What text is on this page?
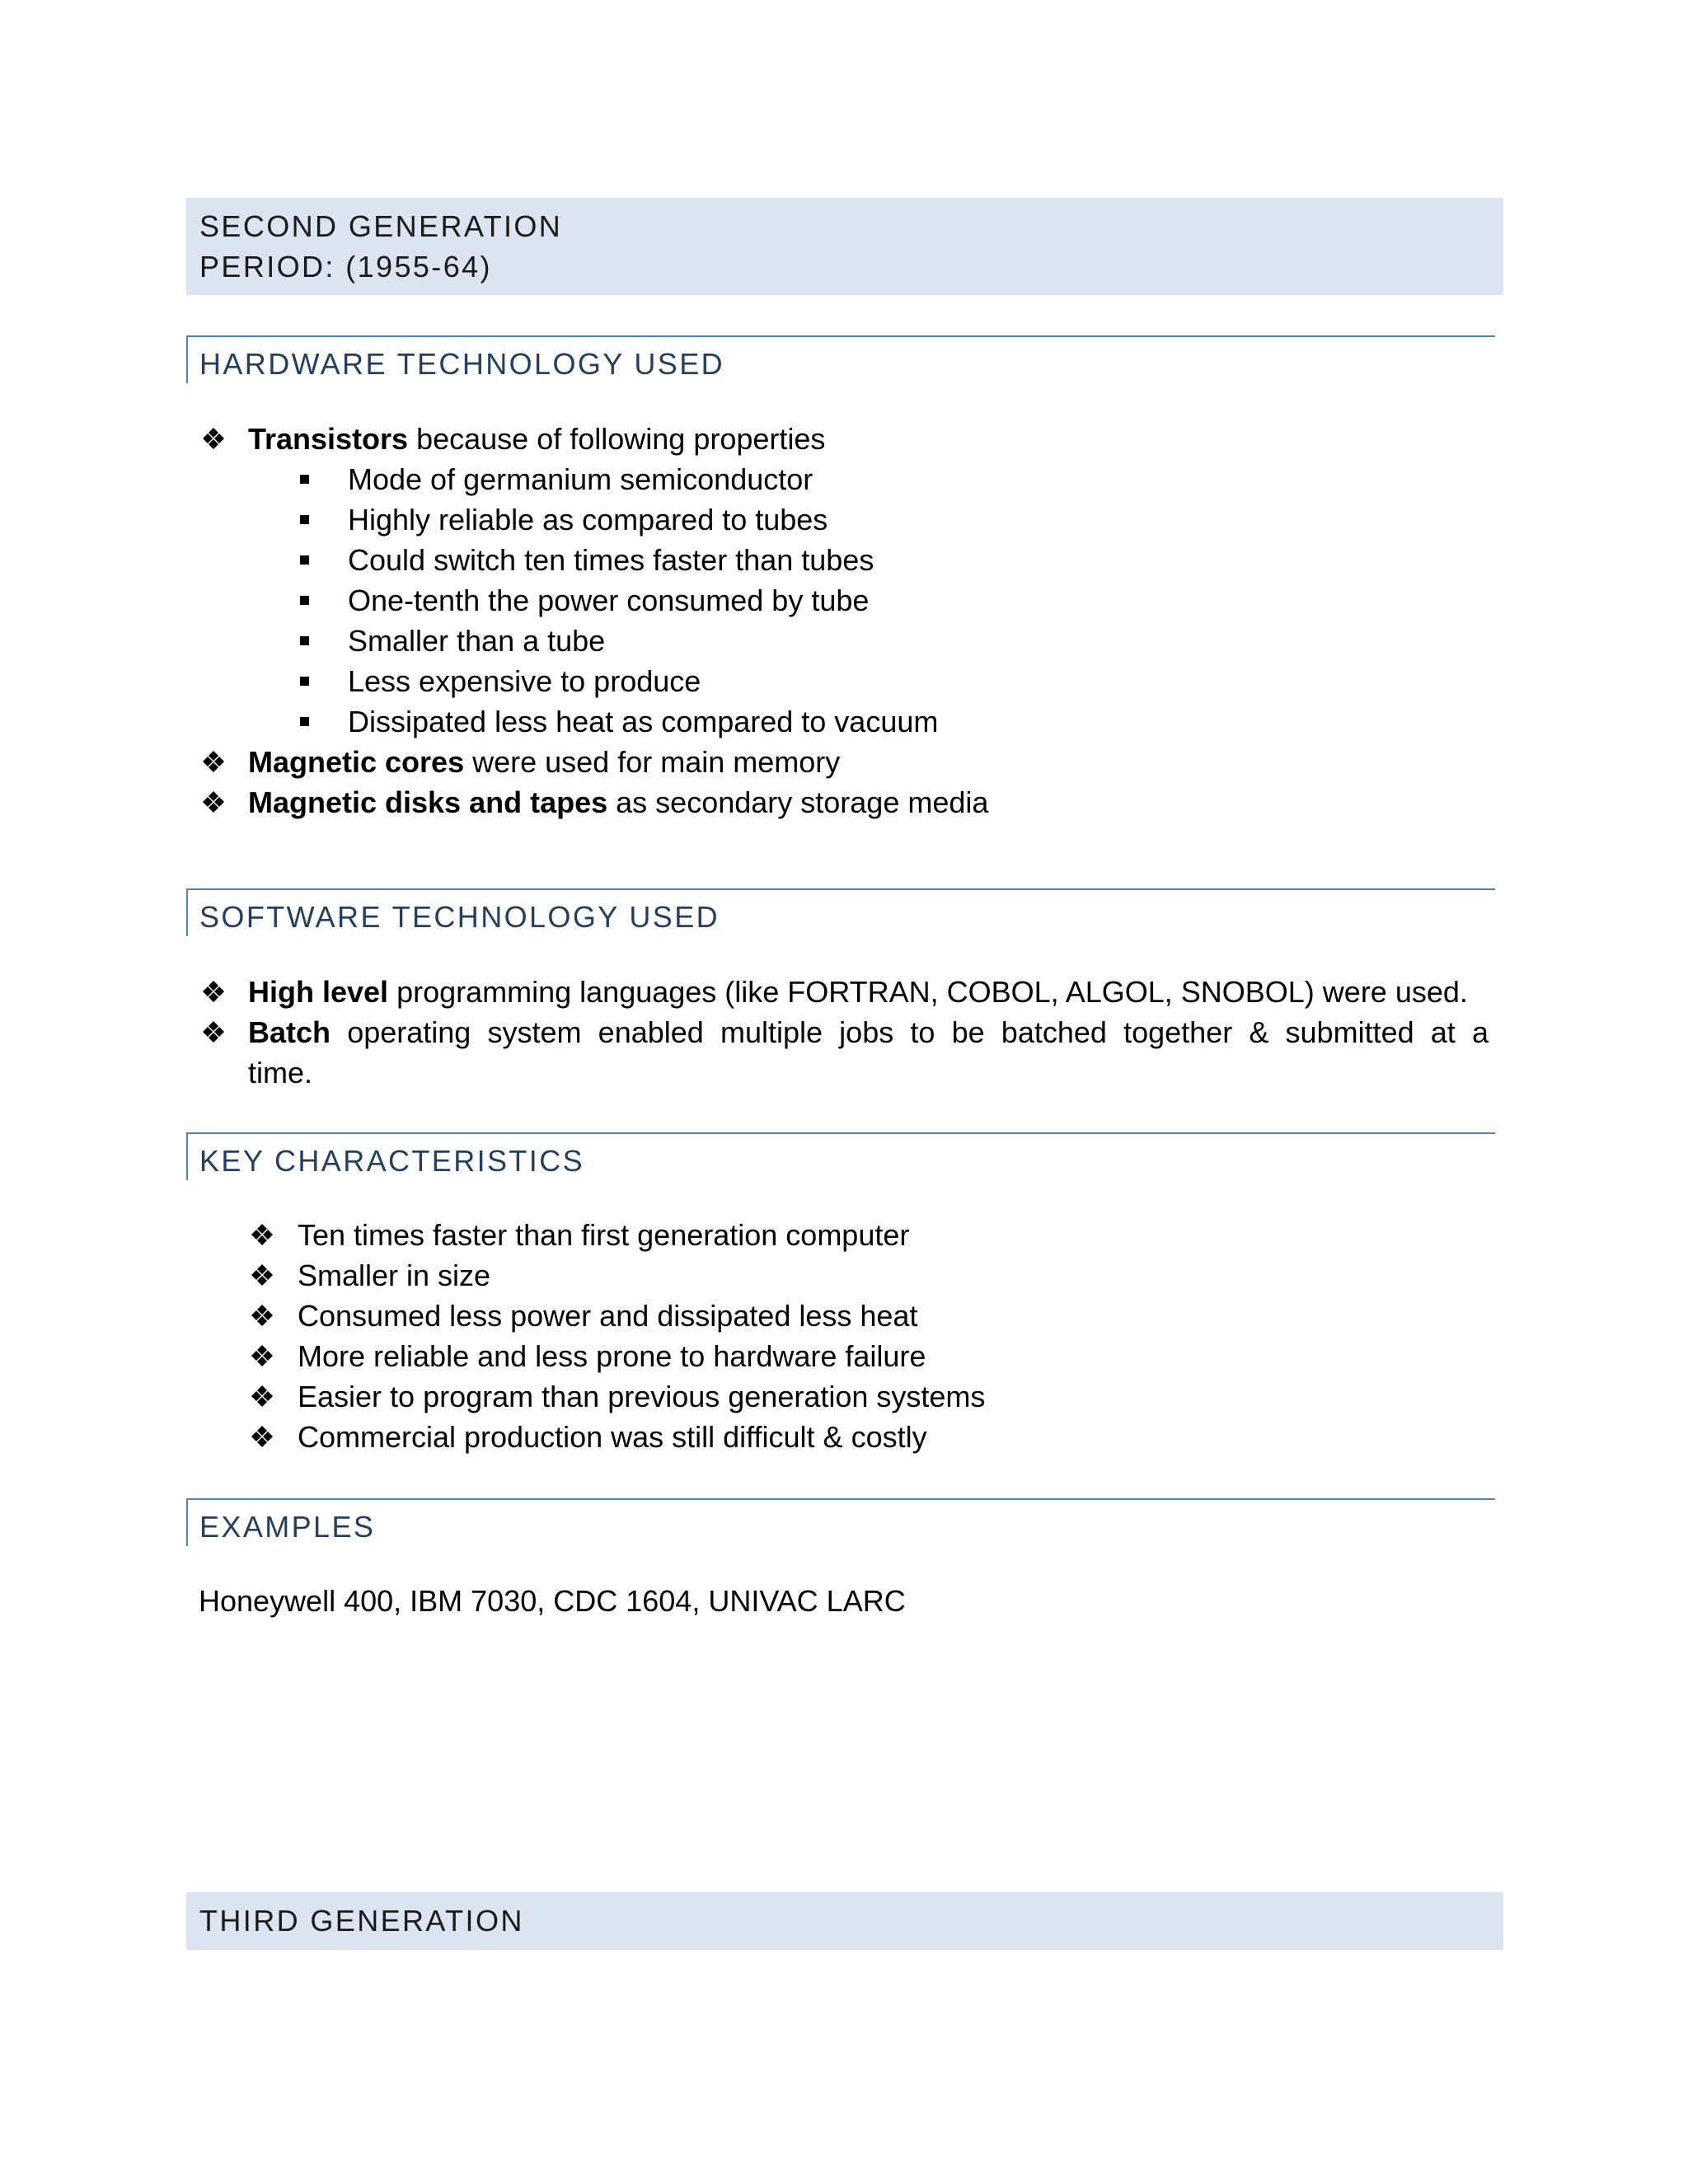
SECOND GENERATION
PERIOD: (1955-64)
HARDWARE TECHNOLOGY USED
Transistors because of following properties
Mode of germanium semiconductor
Highly reliable as compared to tubes
Could switch ten times faster than tubes
One-tenth the power consumed by tube
Smaller than a tube
Less expensive to produce
Dissipated less heat as compared to vacuum
Magnetic cores were used for main memory
Magnetic disks and tapes as secondary storage media
SOFTWARE TECHNOLOGY USED
High level programming languages (like FORTRAN, COBOL, ALGOL, SNOBOL) were used.
Batch operating system enabled multiple jobs to be batched together & submitted at a
time.
KEY CHARACTERISTICS
Ten times faster than first generation computer
Smaller in size
Consumed less power and dissipated less heat
More reliable and less prone to hardware failure
Easier to program than previous generation systems
Commercial production was still difficult & costly
EXAMPLES
Honeywell 400, IBM 7030, CDC 1604, UNIVAC LARC
THIRD GENERATION
